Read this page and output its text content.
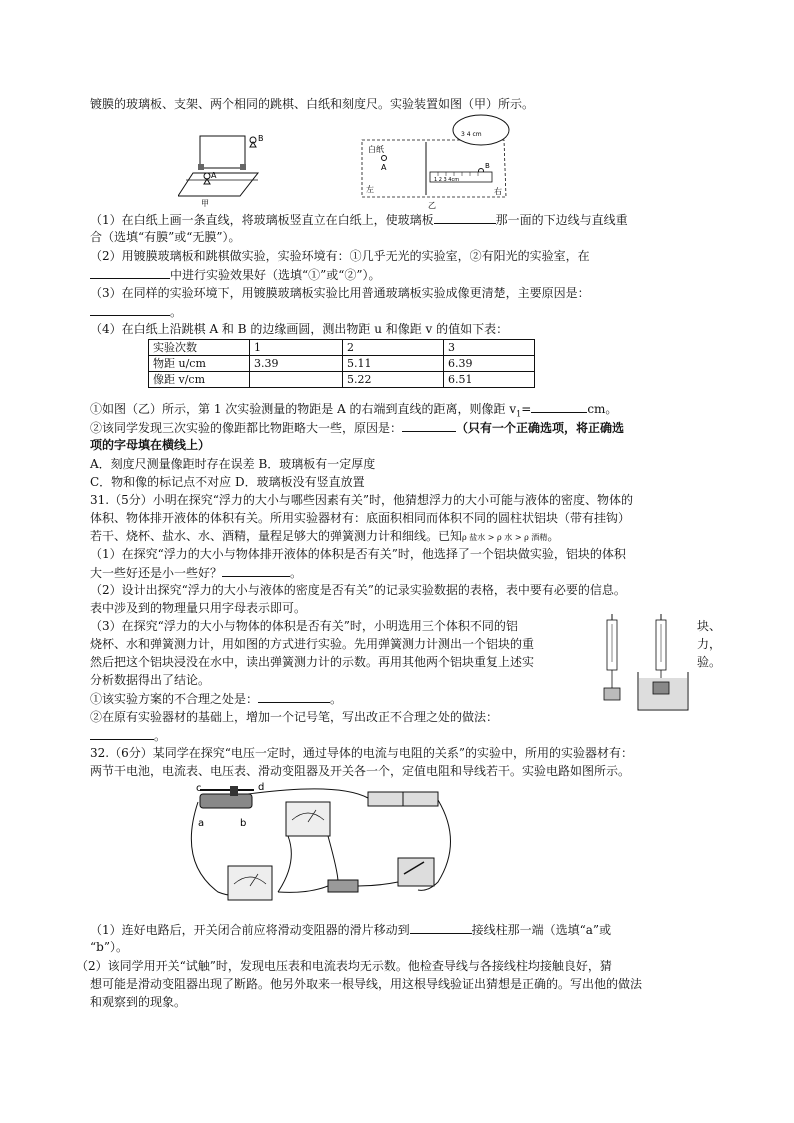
镀膜的玻璃板、支架、两个相同的跳棋、白纸和刻度尺。实验装置如图（甲）所示。
B
A
甲
白纸
A
3 4 cm
B
1 2 3 4cm
左	右
乙
（1）在白纸上画一条直线，将玻璃板竖直立在白纸上，使玻璃板	那一面的下边线与直线重
合（选填“有膜”或“无膜”）。
（2）用镀膜玻璃板和跳棋做实验，实验环境有：①几乎无光的实验室，②有阳光的实验室，在
中进行实验效果好（选填“①”或“②”）。
（3）在同样的实验环境下，用镀膜玻璃板实验比用普通玻璃板实验成像更清楚，主要原因是：
。
（4）在白纸上沿跳棋 A 和 B 的边缘画圆，测出物距 u 和像距 v 的值如下表：
实验次数	1	2	3
物距 u/cm	3.39	5.11	6.39
像距 v/cm		5.22	6.51
①如图（乙）所示，第 1 次实验测量的物距是 A 的右端到直线的距离，则像距 $v_1=$	cm。
②该同学发现三次实验的像距都比物距略大一些，原因是：	（只有一个正确选项，将正确选
项的字母填在横线上）
A．刻度尺测量像距时存在误差 B．玻璃板有一定厚度
C．物和像的标记点不对应 D．玻璃板没有竖直放置
31.（5分）小明在探究“浮力的大小与哪些因素有关”时，他猜想浮力的大小可能与液体的密度、物体的
体积、物体排开液体的体积有关。所用实验器材有：底面积相同而体积不同的圆柱状铝块（带有挂钩）
若干、烧杯、盐水、水、酒精，量程足够大的弹簧测力计和细线。已知ρ 盐水 > ρ 水 > ρ 酒精。
（1）在探究“浮力的大小与物体排开液体的体积是否有关”时，他选择了一个铝块做实验，铝块的体积
大一些好还是小一些好？	。
（2）设计出探究“浮力的大小与液体的密度是否有关”的记录实验数据的表格，表中要有必要的信息。
表中涉及到的物理量只用字母表示即可。
（3）在探究“浮力的大小与物体的体积是否有关”时，小明选用三个体积不同的铝	块、
烧杯、水和弹簧测力计，用如图的方式进行实验。先用弹簧测力计测出一个铝块的重	力，
然后把这个铝块浸没在水中，读出弹簧测力计的示数。再用其他两个铝块重复上述实	验。
分析数据得出了结论。
①该实验方案的不合理之处是：	。
②在原有实验器材的基础上，增加一个记号笔，写出改正不合理之处的做法：
。
32.（6分）某同学在探究“电压一定时，通过导体的电流与电阻的关系”的实验中，所用的实验器材有：
两节干电池，电流表、电压表、滑动变阻器及开关各一个，定值电阻和导线若干。实验电路如图所示。
c	d
a	b
（1）连好电路后，开关闭合前应将滑动变阻器的滑片移动到	接线柱那一端（选填“a”或
“b”）。
（2）该同学用开关“试触”时，发现电压表和电流表均无示数。他检查导线与各接线柱均接触良好，猜
想可能是滑动变阻器出现了断路。他另外取来一根导线，用这根导线验证出猜想是正确的。写出他的做法
和观察到的现象。
